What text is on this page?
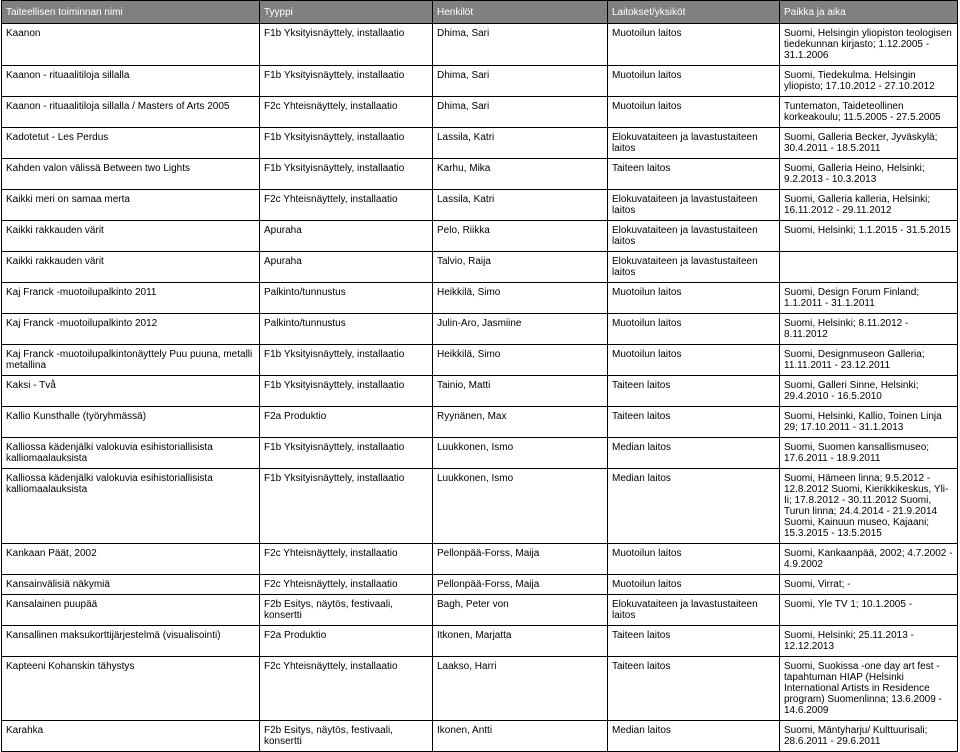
Taiteellisen toiminnan nimi	Tyyppi	Henkilöt	Laitokset/yksiköt	Paikka ja aika
Kaanon	F1b Yksityisnäyttely, installaatio	Dhima, Sari	Muotoilun laitos	Suomi, Helsingin yliopiston teologisen tiedekunnan kirjasto; 1.12.2005 - 31.1.2006
Kaanon - rituaalitiloja sillalla	F1b Yksityisnäyttely, installaatio	Dhima, Sari	Muotoilun laitos	Suomi, Tiedekulma. Helsingin yliopisto; 17.10.2012 - 27.10.2012
Kaanon - rituaalitiloja sillalla / Masters of Arts 2005	F2c Yhteisnäyttely, installaatio	Dhima, Sari	Muotoilun laitos	Tuntematon, Taideteollinen korkeakoulu; 11.5.2005 - 27.5.2005
Kadotetut - Les Perdus	F1b Yksityisnäyttely, installaatio	Lassila, Katri	Elokuvataiteen ja lavastustaiteen laitos	Suomi, Galleria Becker, Jyväskylä; 30.4.2011 - 18.5.2011
Kahden valon välissä Between two Lights	F1b Yksityisnäyttely, installaatio	Karhu, Mika	Taiteen laitos	Suomi, Galleria Heino, Helsinki; 9.2.2013 - 10.3.2013
Kaikki meri on samaa merta	F2c Yhteisnäyttely, installaatio	Lassila, Katri	Elokuvataiteen ja lavastustaiteen laitos	Suomi, Galleria kalleria, Helsinki; 16.11.2012 - 29.11.2012
Kaikki rakkauden värit	Apuraha	Pelo, Riikka	Elokuvataiteen ja lavastustaiteen laitos	Suomi, Helsinki; 1.1.2015 - 31.5.2015
Kaikki rakkauden värit	Apuraha	Talvio, Raija	Elokuvataiteen ja lavastustaiteen laitos	
Kaj Franck -muotoilupalkinto 2011	Palkinto/tunnustus	Heikkilä, Simo	Muotoilun laitos	Suomi, Design Forum Finland; 1.1.2011 - 31.1.2011
Kaj Franck -muotoilupalkinto 2012	Palkinto/tunnustus	Julin-Aro, Jasmiine	Muotoilun laitos	Suomi, Helsinki; 8.11.2012 - 8.11.2012
Kaj Franck -muotoilupalkintonäyttely Puu puuna, metalli metallina	F1b Yksityisnäyttely, installaatio	Heikkilä, Simo	Muotoilun laitos	Suomi, Designmuseon Galleria; 11.11.2011 - 23.12.2011
Kaksi - Två	F1b Yksityisnäyttely, installaatio	Tainio, Matti	Taiteen laitos	Suomi, Galleri Sinne, Helsinki; 29.4.2010 - 16.5.2010
Kallio Kunsthalle (työryhmässä)	F2a Produktio	Ryynänen, Max	Taiteen laitos	Suomi, Helsinki, Kallio, Toinen Linja 29; 17.10.2011 - 31.1.2013
Kalliossa kädenjälki valokuvia esihistoriallisista kalliomaalauksista	F1b Yksityisnäyttely, installaatio	Luukkonen, Ismo	Median laitos	Suomi, Suomen kansallismuseo; 17.6.2011 - 18.9.2011
Kalliossa kädenjälki valokuvia esihistoriallisista kalliomaalauksista	F1b Yksityisnäyttely, installaatio	Luukkonen, Ismo	Median laitos	Suomi, Hämeen linna; 9.5.2012 - 12.8.2012 Suomi, Kierikkikeskus, Yli-Ii; 17.8.2012 - 30.11.2012 Suomi, Turun linna; 24.4.2014 - 21.9.2014 Suomi, Kainuun museo, Kajaani; 15.3.2015 - 13.5.2015
Kankaan Päät, 2002	F2c Yhteisnäyttely, installaatio	Pellonpää-Forss, Maija	Muotoilun laitos	Suomi, Kankaanpää, 2002; 4.7.2002 - 4.9.2002
Kansainvälisiä näkymiä	F2c Yhteisnäyttely, installaatio	Pellonpää-Forss, Maija	Muotoilun laitos	Suomi, Virrat; -
Kansalainen puupää	F2b Esitys, näytös, festivaali, konsertti	Bagh, Peter von	Elokuvataiteen ja lavastustaiteen laitos	Suomi, Yle TV 1; 10.1.2005 -
Kansallinen maksukorttijärjestelmä (visualisointi)	F2a Produktio	Itkonen, Marjatta	Taiteen laitos	Suomi, Helsinki; 25.11.2013 - 12.12.2013
Kapteeni Kohanskin tähystys	F2c Yhteisnäyttely, installaatio	Laakso, Harri	Taiteen laitos	Suomi, Suokissa -one day art fest - tapahtuman HIAP (Helsinki International Artists in Residence program) Suomenlinna; 13.6.2009 - 14.6.2009
Karahka	F2b Esitys, näytös, festivaali, konsertti	Ikonen, Antti	Median laitos	Suomi, Mäntyharju/ Kulttuurisali; 28.6.2011 - 29.6.2011
